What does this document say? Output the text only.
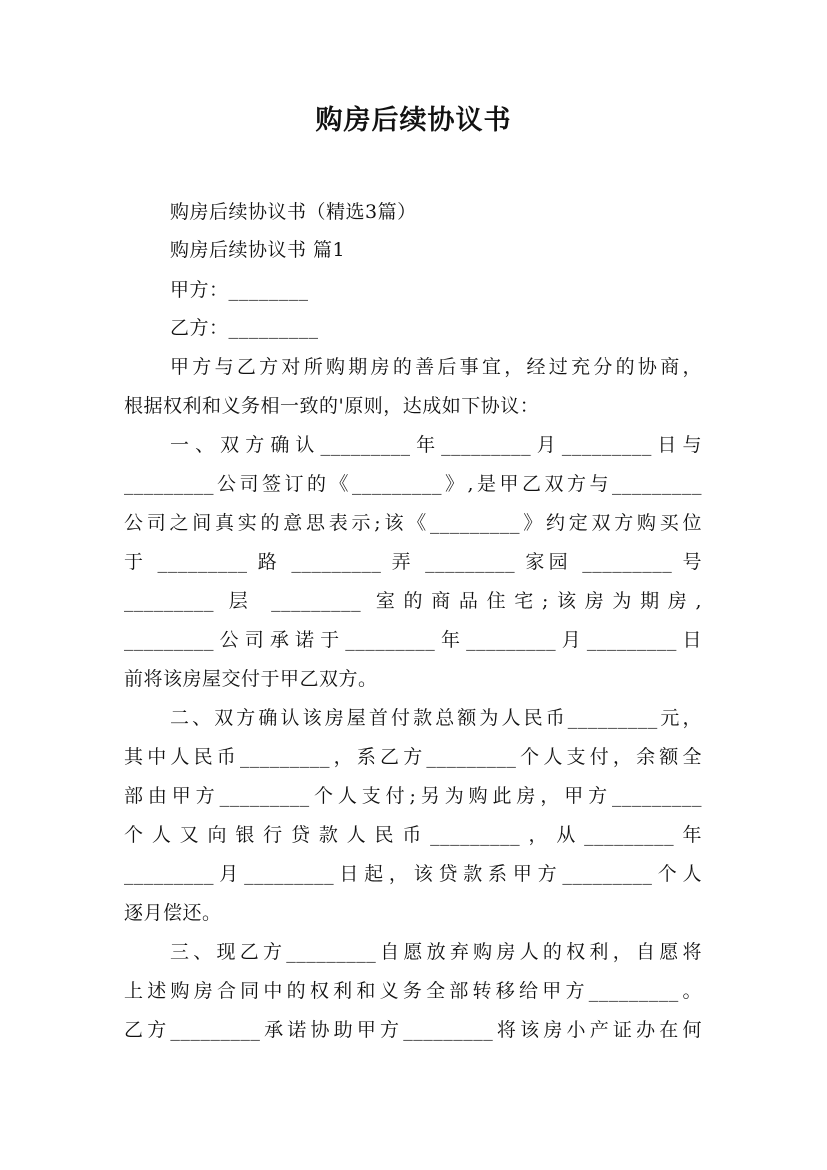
购房后续协议书
购房后续协议书（精选3篇）
购房后续协议书 篇1
甲方：________
乙方：_________
甲方与乙方对所购期房的善后事宜，经过充分的协商，
根据权利和义务相一致的'原则，达成如下协议：
一、双方确认_________年_________月_________日与
_________公司签订的《_________》,是甲乙双方与_________
公司之间真实的意思表示;该《_________》约定双方购买位
于 _________ 路 _________ 弄 _________ 家园 _________ 号
_________ 层 _________ 室的商品住宅;该房为期房,
_________公司承诺于_________年_________月_________日
前将该房屋交付于甲乙双方。
二、双方确认该房屋首付款总额为人民币_________元，
其中人民币_________，系乙方_________个人支付，余额全
部由甲方_________个人支付;另为购此房，甲方_________
个人又向银行贷款人民币_________，从_________年
_________月_________日起，该贷款系甲方_________个人
逐月偿还。
三、现乙方_________自愿放弃购房人的权利，自愿将
上述购房合同中的权利和义务全部转移给甲方_________。
乙方_________承诺协助甲方_________将该房小产证办在何
